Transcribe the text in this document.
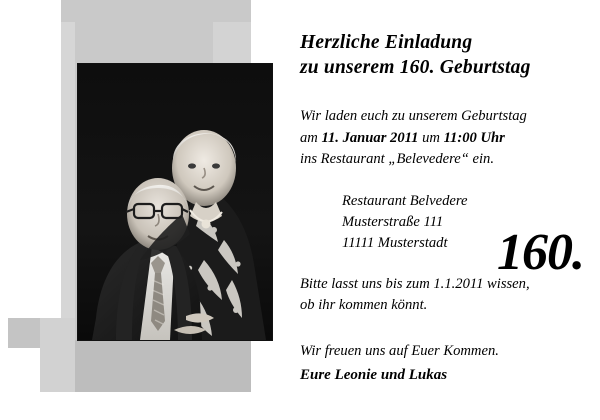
Herzliche Einladung
zu unserem 160. Geburtstag
Wir laden euch zu unserem Geburtstag
am 11. Januar 2011 um 11:00 Uhr
ins Restaurant „Belevedere“ ein.
Restaurant Belvedere
Musterstraße 111
11111 Musterstadt
Bitte lasst uns bis zum 1.1.2011 wissen,
ob ihr kommen könnt.
Wir freuen uns auf Euer Kommen.
Eure Leonie und Lukas
160.
